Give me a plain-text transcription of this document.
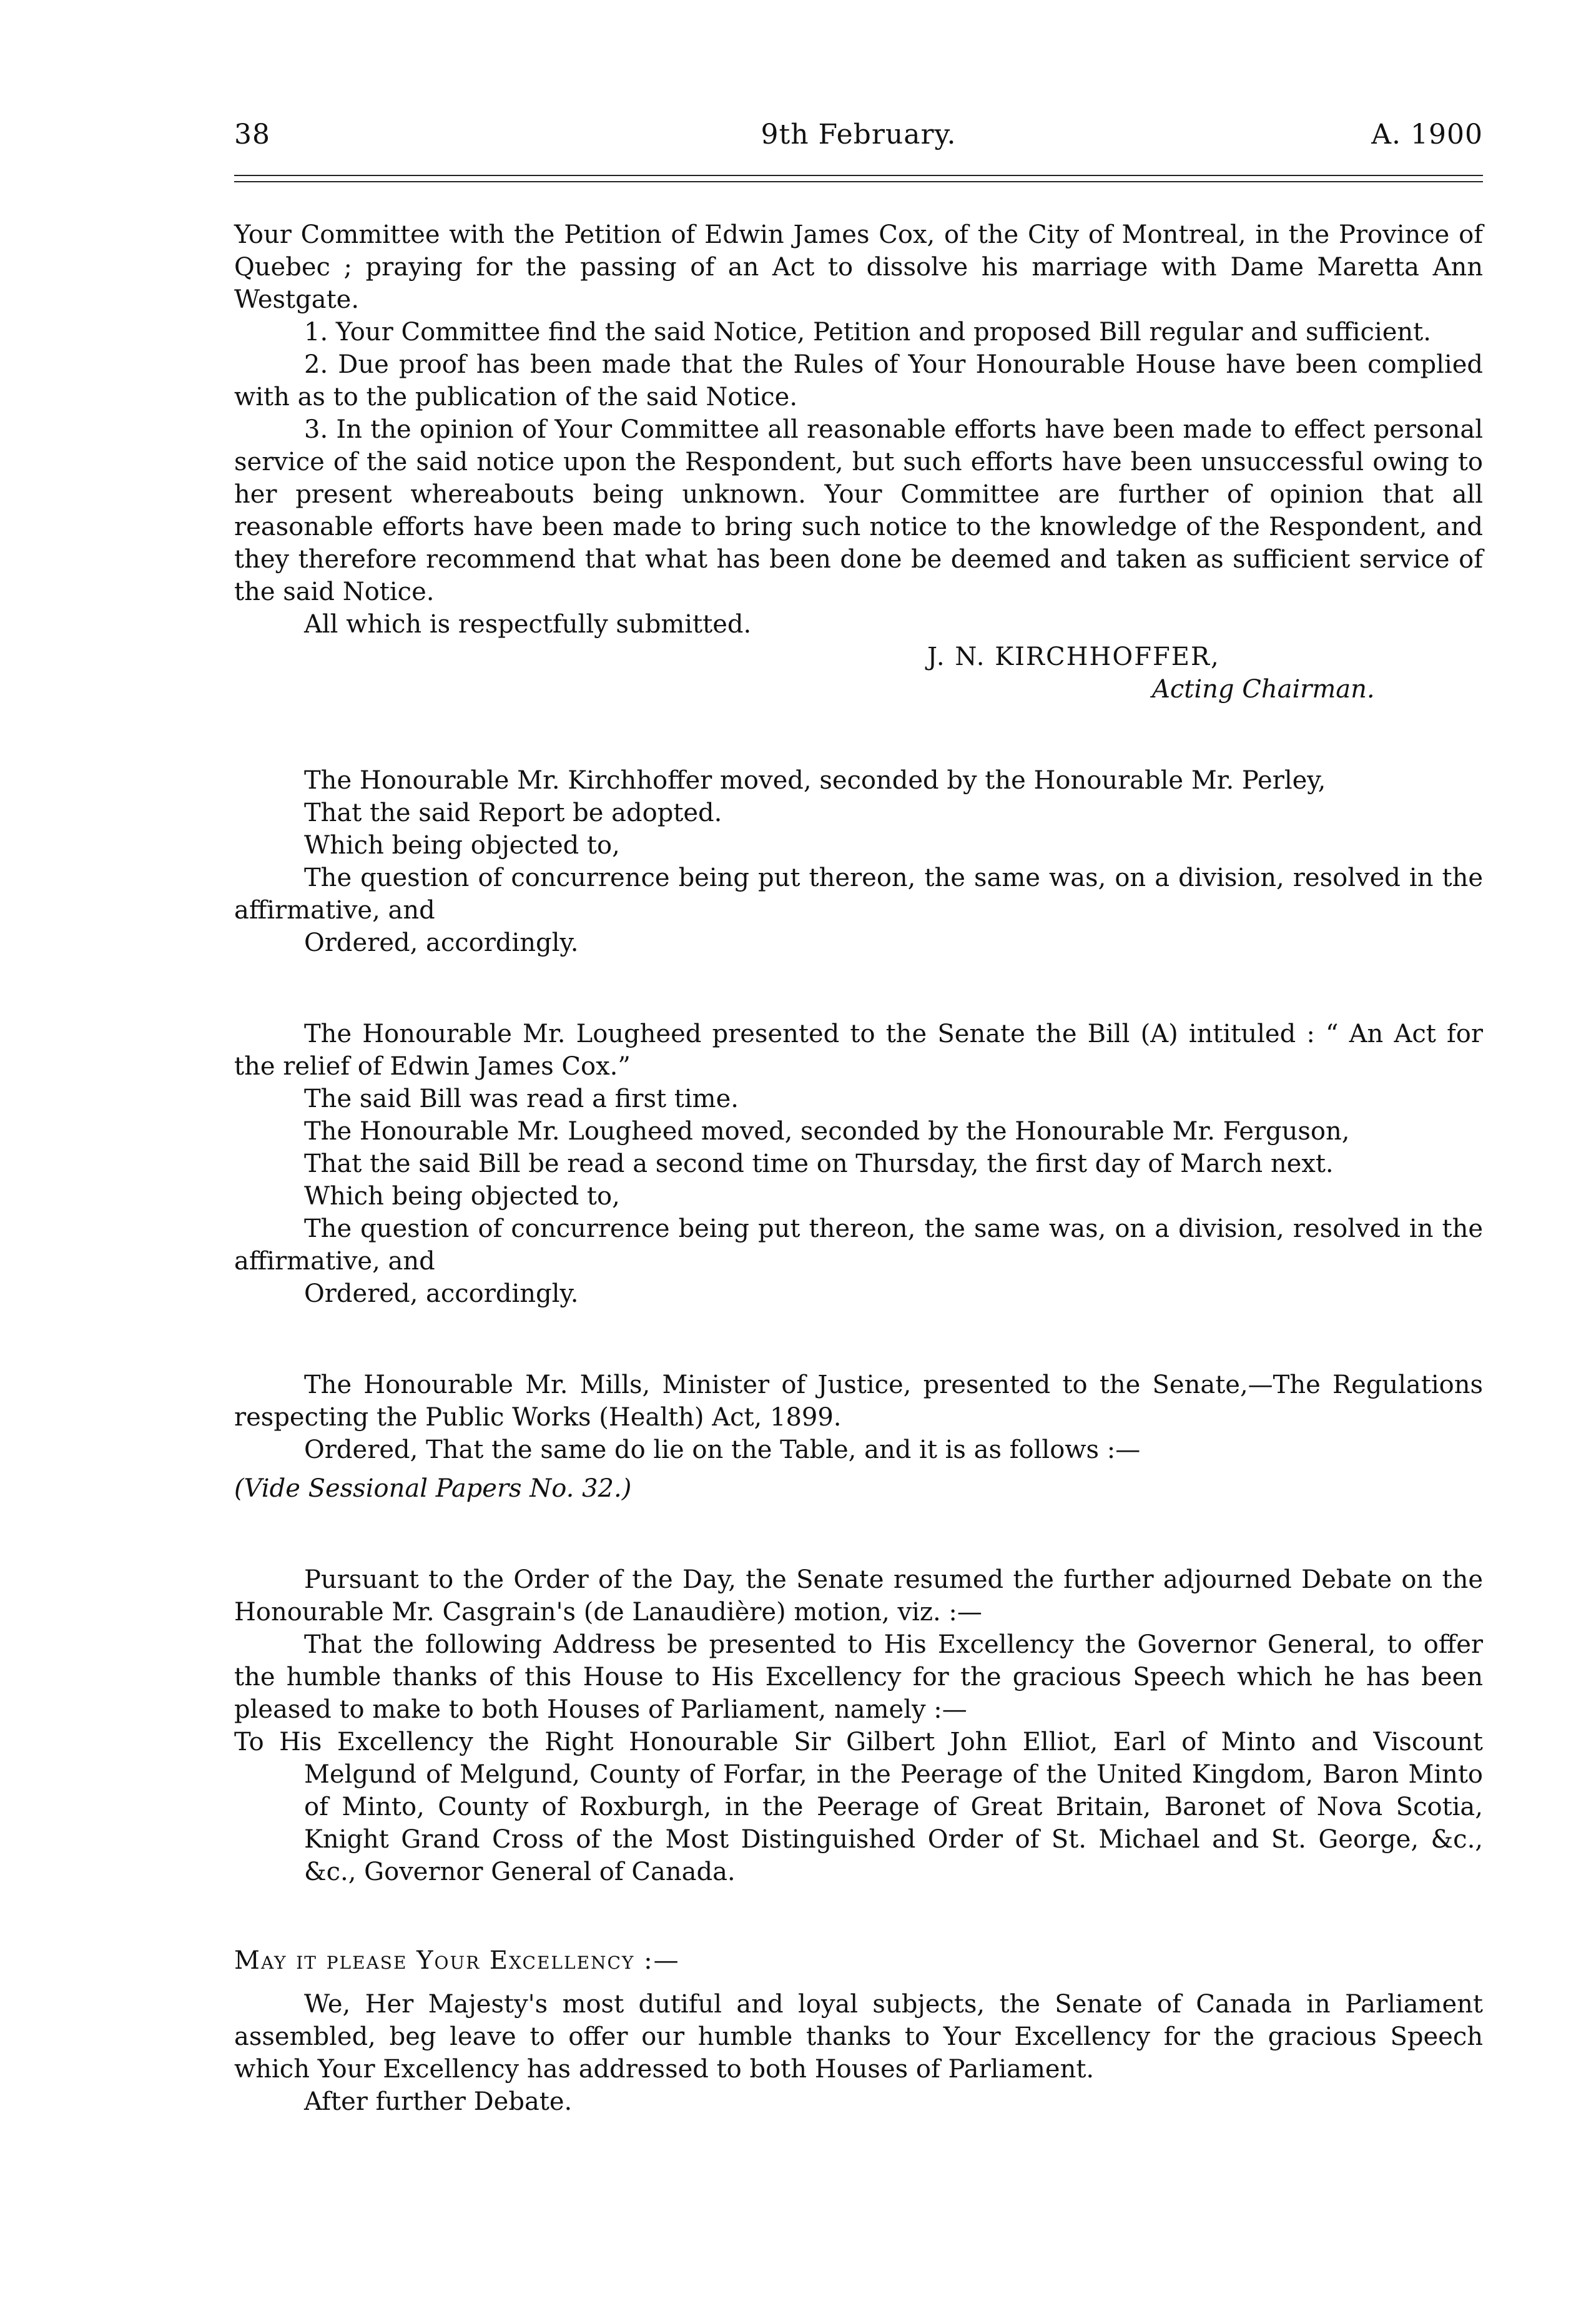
38	9th February.	A. 1900

Your Committee with the Petition of Edwin James Cox, of the City of Montreal, in the Province of Quebec ; praying for the passing of an Act to dissolve his marriage with Dame Maretta Ann Westgate.

1. Your Committee find the said Notice, Petition and proposed Bill regular and sufficient.

2. Due proof has been made that the Rules of Your Honourable House have been complied with as to the publication of the said Notice.

3. In the opinion of Your Committee all reasonable efforts have been made to effect personal service of the said notice upon the Respondent, but such efforts have been unsuccessful owing to her present whereabouts being unknown. Your Committee are further of opinion that all reasonable efforts have been made to bring such notice to the knowledge of the Respondent, and they therefore recommend that what has been done be deemed and taken as sufficient service of the said Notice.

All which is respectfully submitted.

J. N. KIRCHHOFFER,
Acting Chairman.

The Honourable Mr. Kirchhoffer moved, seconded by the Honourable Mr. Perley,

That the said Report be adopted.

Which being objected to,

The question of concurrence being put thereon, the same was, on a division, resolved in the affirmative, and

Ordered, accordingly.

The Honourable Mr. Lougheed presented to the Senate the Bill (A) intituled : “ An Act for the relief of Edwin James Cox.”

The said Bill was read a first time.

The Honourable Mr. Lougheed moved, seconded by the Honourable Mr. Ferguson,

That the said Bill be read a second time on Thursday, the first day of March next.

Which being objected to,

The question of concurrence being put thereon, the same was, on a division, resolved in the affirmative, and

Ordered, accordingly.

The Honourable Mr. Mills, Minister of Justice, presented to the Senate,—The Regulations respecting the Public Works (Health) Act, 1899.

Ordered, That the same do lie on the Table, and it is as follows :—

(Vide Sessional Papers No. 32.)

Pursuant to the Order of the Day, the Senate resumed the further adjourned Debate on the Honourable Mr. Casgrain's (de Lanaudière) motion, viz. :—

That the following Address be presented to His Excellency the Governor General, to offer the humble thanks of this House to His Excellency for the gracious Speech which he has been pleased to make to both Houses of Parliament, namely :—

To His Excellency the Right Honourable Sir Gilbert John Elliot, Earl of Minto and Viscount Melgund of Melgund, County of Forfar, in the Peerage of the United Kingdom, Baron Minto of Minto, County of Roxburgh, in the Peerage of Great Britain, Baronet of Nova Scotia, Knight Grand Cross of the Most Distinguished Order of St. Michael and St. George, &c., &c., Governor General of Canada.

May it please Your Excellency :—

We, Her Majesty's most dutiful and loyal subjects, the Senate of Canada in Parliament assembled, beg leave to offer our humble thanks to Your Excellency for the gracious Speech which Your Excellency has addressed to both Houses of Parliament.

After further Debate.
